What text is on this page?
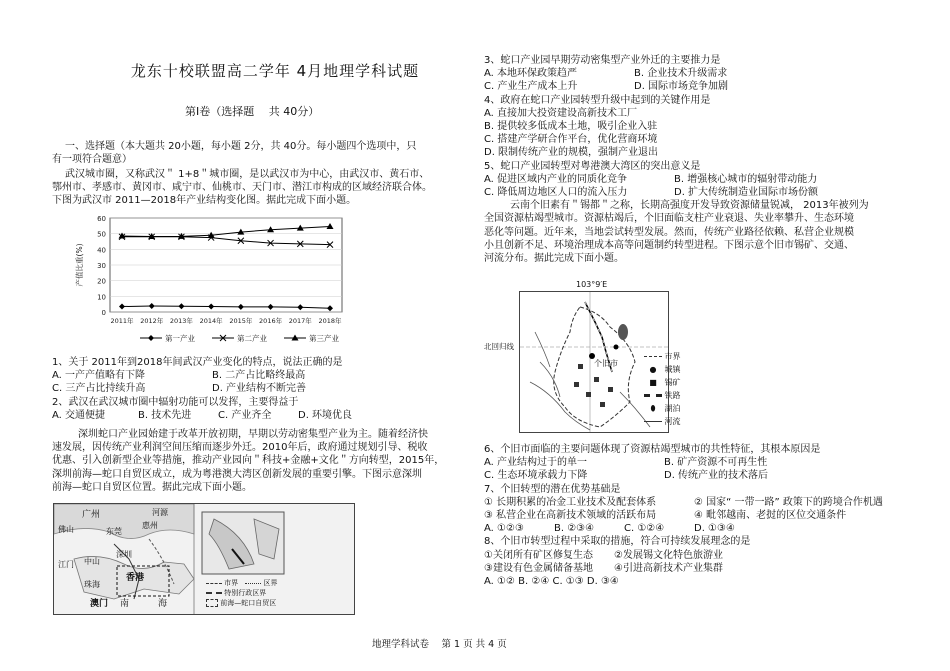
龙东十校联盟高二学年 4月地理学科试题
第Ⅰ卷（选择题　 共 40分）

一、选择题（本大题共 20小题，每小题 2分，共 40分。每小题四个选项中，只

有一项符合题意）

武汉城市圈，又称武汉＂ 1+8＂城市圈，是以武汉市为中心，由武汉市、黄石市、

鄂州市、孝感市、黄冈市、咸宁市、仙桃市、天门市、潜江市构成的区域经济联合体。

下图为武汉市 2011—2018年产业结构变化图。据此完成下面小题。

0
10
20
30
40
50
60
2011年 2012年 2013年 2014年 2015年 2016年 2017年 2018年
产值比重(%)
第一产业	第二产业	第三产业

1、关于 2011年到2018年间武汉产业变化的特点，说法正确的是

A. 一产产值略有下降	B. 二产占比略终最高
C. 三产占比持续升高	D. 产业结构不断完善

2、武汉在武汉城市圈中辐射功能可以发挥，主要得益于

A. 交通便捷	B. 技术先进	C. 产业齐全	D. 环境优良

深圳蛇口产业园始建于改革开放初期，早期以劳动密集型产业为主。随着经济快

速发展，因传统产业利润空间压缩而逐步外迁。2010年后，政府通过规划引导、税收

优惠、引入创新型企业等措施，推动产业园向＂科技+金融+文化＂方向转型，2015年，

深圳前海—蛇口自贸区成立，成为粤港澳大湾区创新发展的重要引擎。下图示意深圳

前海—蛇口自贸区位置。据此完成下面小题。

广州	河源
佛山	东莞
惠州
江门 中山
深圳
珠海
香港
澳门 南	海
市界　	区界
特别行政区界
前海—蛇口自贸区

3、蛇口产业园早期劳动密集型产业外迁的主要推力是

A. 本地环保政策趋严	B. 企业技术升级需求
C. 产业生产成本上升	D. 国际市场竞争加剧

4、政府在蛇口产业园转型升级中起到的关键作用是

A. 直接加大投资建设高新技术工厂

B. 提供较多低成本土地，吸引企业入驻

C. 搭建产学研合作平台，优化营商环境

D. 限制传统产业的规模，强制产业退出

5、蛇口产业园转型对粤港澳大湾区的突出意义是

A. 促进区域内产业的同质化竞争	B. 增强核心城市的辐射带动能力
C. 降低周边地区人口的流入压力	D. 扩大传统制造业国际市场份额

云南个旧素有＂锡都＂之称，长期高强度开发导致资源储量锐减， 2013年被列为

全国资源枯竭型城市。资源枯竭后，个旧面临支柱产业衰退、失业率攀升、生态环境

恶化等问题。近年来，当地尝试转型发展。然而，传统产业路径依赖、私营企业规模

小且创新不足、环境治理成本高等问题制约转型进程。下图示意个旧市锡矿、交通、

河流分布。据此完成下面小题。

103°9′E
个旧市
北回归线
市界
● 城镇
■ 锡矿
铁路
⬮ 湖泊
河流

6、个旧市面临的主要问题体现了资源枯竭型城市的共性特征，其根本原因是

A. 产业结构过于的单一	B. 矿产资源不可再生性
C. 生态环境承载力下降	D. 传统产业的技术落后

7、个旧转型的潜在优势基础是

① 长期积累的冶金工业技术及配套体系	② 国家“ 一带一路” 政策下的跨境合作机遇
③ 私营企业在高新技术领域的活跃布局	④ 毗邻越南、老挝的区位交通条件
A. ①②③	B. ②③④	C. ①②④	D. ①③④

8、个旧市转型过程中采取的措施，符合可持续发展理念的是

①关闭所有矿区修复生态	②发展锡文化特色旅游业
③建设有色金属储备基地	④引进高新技术产业集群

A. ①② B. ②④ C. ①③ D. ③④

地理学科试卷　 第 1 页 共 4 页
